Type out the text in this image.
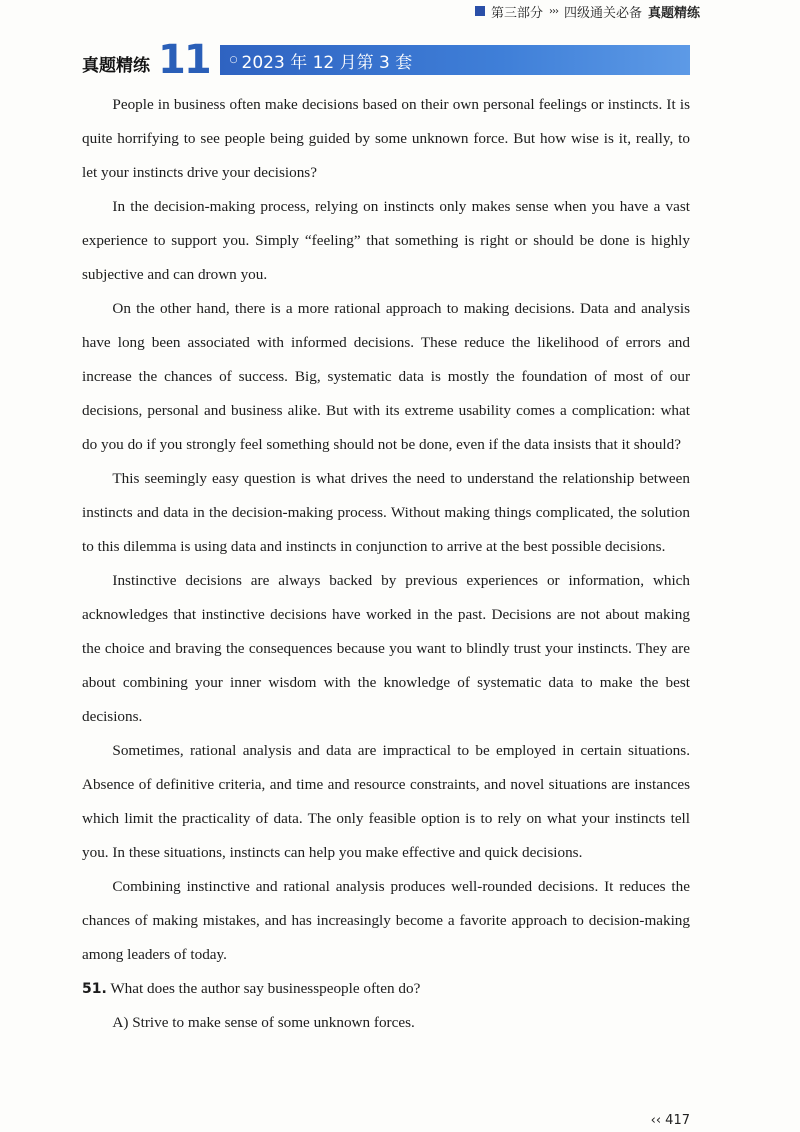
第三部分 ››› 四级通关必备 真题精练
真题精练 11 ○ 2023 年 12 月第 3 套

People in business often make decisions based on their own personal feelings or instincts. It is quite horrifying to see people being guided by some unknown force. But how wise is it, really, to let your instincts drive your decisions?

In the decision-making process, relying on instincts only makes sense when you have a vast experience to support you. Simply “feeling” that something is right or should be done is highly subjective and can drown you.

On the other hand, there is a more rational approach to making decisions. Data and analysis have long been associated with informed decisions. These reduce the likelihood of errors and increase the chances of success. Big, systematic data is mostly the foundation of most of our decisions, personal and business alike. But with its extreme usability comes a complication: what do you do if you strongly feel something should not be done, even if the data insists that it should?

This seemingly easy question is what drives the need to understand the relationship between instincts and data in the decision-making process. Without making things complicated, the solution to this dilemma is using data and instincts in conjunction to arrive at the best possible decisions.

Instinctive decisions are always backed by previous experiences or information, which acknowledges that instinctive decisions have worked in the past. Decisions are not about making the choice and braving the consequences because you want to blindly trust your instincts. They are about combining your inner wisdom with the knowledge of systematic data to make the best decisions.

Sometimes, rational analysis and data are impractical to be employed in certain situations. Absence of definitive criteria, and time and resource constraints, and novel situations are instances which limit the practicality of data. The only feasible option is to rely on what your instincts tell you. In these situations, instincts can help you make effective and quick decisions.

Combining instinctive and rational analysis produces well-rounded decisions. It reduces the chances of making mistakes, and has increasingly become a favorite approach to decision-making among leaders of today.

51. What does the author say businesspeople often do?
A) Strive to make sense of some unknown forces.
‹‹ 417
